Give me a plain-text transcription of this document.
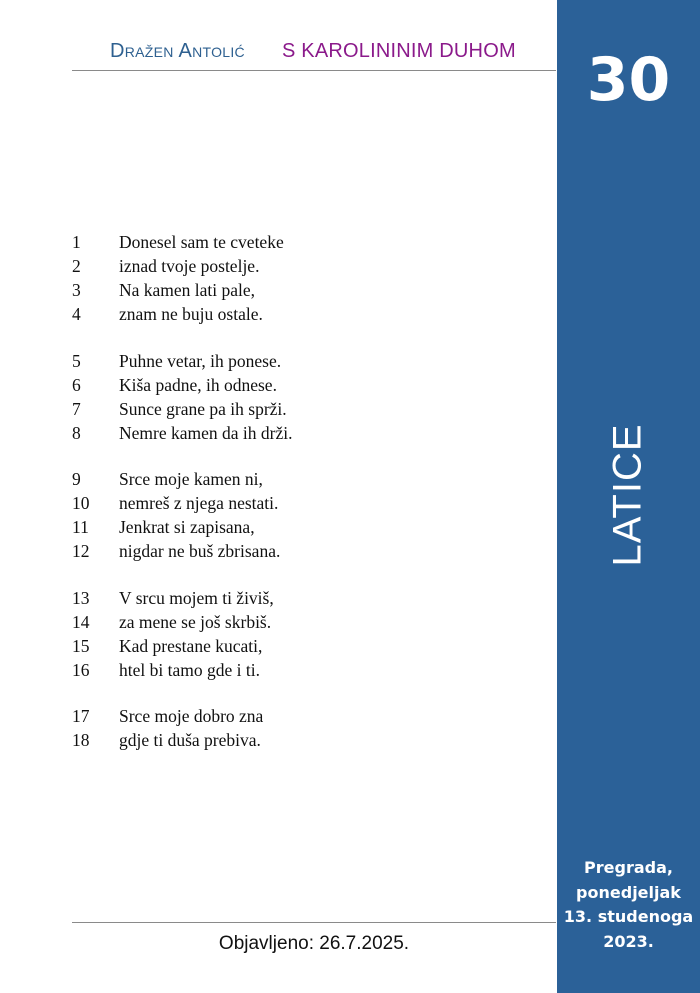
Dražen Antolić S KAROLININIM DUHOM
1	Donesel sam te cveteke
2	iznad tvoje postelje.
3	Na kamen lati pale,
4	znam ne buju ostale.
5	Puhne vetar, ih ponese.
6	Kiša padne, ih odnese.
7	Sunce grane pa ih sprži.
8	Nemre kamen da ih drži.
9	Srce moje kamen ni,
10	nemreš z njega nestati.
11	Jenkrat si zapisana,
12	nigdar ne buš zbrisana.
13	V srcu mojem ti živiš,
14	za mene se još skrbiš.
15	Kad prestane kucati,
16	htel bi tamo gde i ti.
17	Srce moje dobro zna
18	gdje ti duša prebiva.
Objavljeno: 26.7.2025.
30
LATICE
Pregrada,
ponedjeljak
13. studenoga
2023.
